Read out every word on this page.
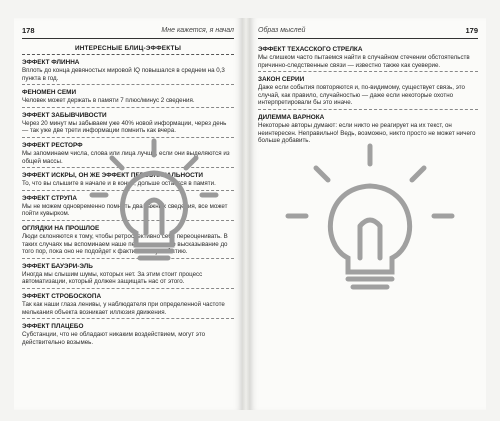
178	Мне кажется, я начал
ИНТЕРЕСНЫЕ БЛИЦ-ЭФФЕКТЫ
ЭФФЕКТ ФЛИННА
Вплоть до конца девяностых мировой IQ повышался в среднем на 0,3 пункта в год.
ФЕНОМЕН СЕМИ
Человек может держать в памяти 7 плюс/минус 2 сведения.
ЭФФЕКТ ЗАБЫВЧИВОСТИ
Через 20 минут мы забываем уже 40% новой информации, через день — так уже две трети информации помнить как вчера.
ЭФФЕКТ РЕСТОРФ
Мы запоминаем числа, слова или лица лучше, если они выделяются из общей массы.
ЭФФЕКТ ИСКРЫ, ОН ЖЕ ЭФФЕКТ ПЕРВОНАЧАЛЬНОСТИ
То, что вы слышите в начале и в конце, дольше остается в памяти.
ЭФФЕКТ СТРУПА
Мы не можем одновременно помнить два важных сведения, все может пойти кувырком.
ОГЛЯДКИ НА ПРОШЛОЕ
Люди склоняются к тому, чтобы ретроспективно себя переоценивать. В таких случаях мы вспоминаем наше первоначальное высказывание до того пор, пока оно не подойдет к фактическому событию.
ЭФФЕКТ БАУЭРИ-ЭЛЬ
Иногда мы слышим шумы, которых нет. За этим стоит процесс автоматизации, который должен защищать нас от этого.
ЭФФЕКТ СТРОБОСКОПА
Так как наши глаза ленивы, у наблюдателя при определенной частоте мелькания объекта возникает иллюзия движения.
ЭФФЕКТ ПЛАЦЕБО
Субстанции, что не обладают никаким воздействием, могут это действительно возымеь.
Образ мыслей	179
ЭФФЕКТ ТЕХАССКОГО СТРЕЛКА
Мы слишком часто пытаемся найти в случайном стечении обстоятельств причинно-следственные связи — известно также как суеверие.
ЗАКОН СЕРИИ
Даже если события повторяются и, по-видимому, существует связь, это случай, как правило, случайностью — даже если некоторые охотно интерпретировали бы это иначе.
ДИЛЕММА ВАРНОКА
Некоторые авторы думают: если никто не реагирует на их текст, он неинтересен. Неправильно! Ведь, возможно, никто просто не может ничего больше добавить.
